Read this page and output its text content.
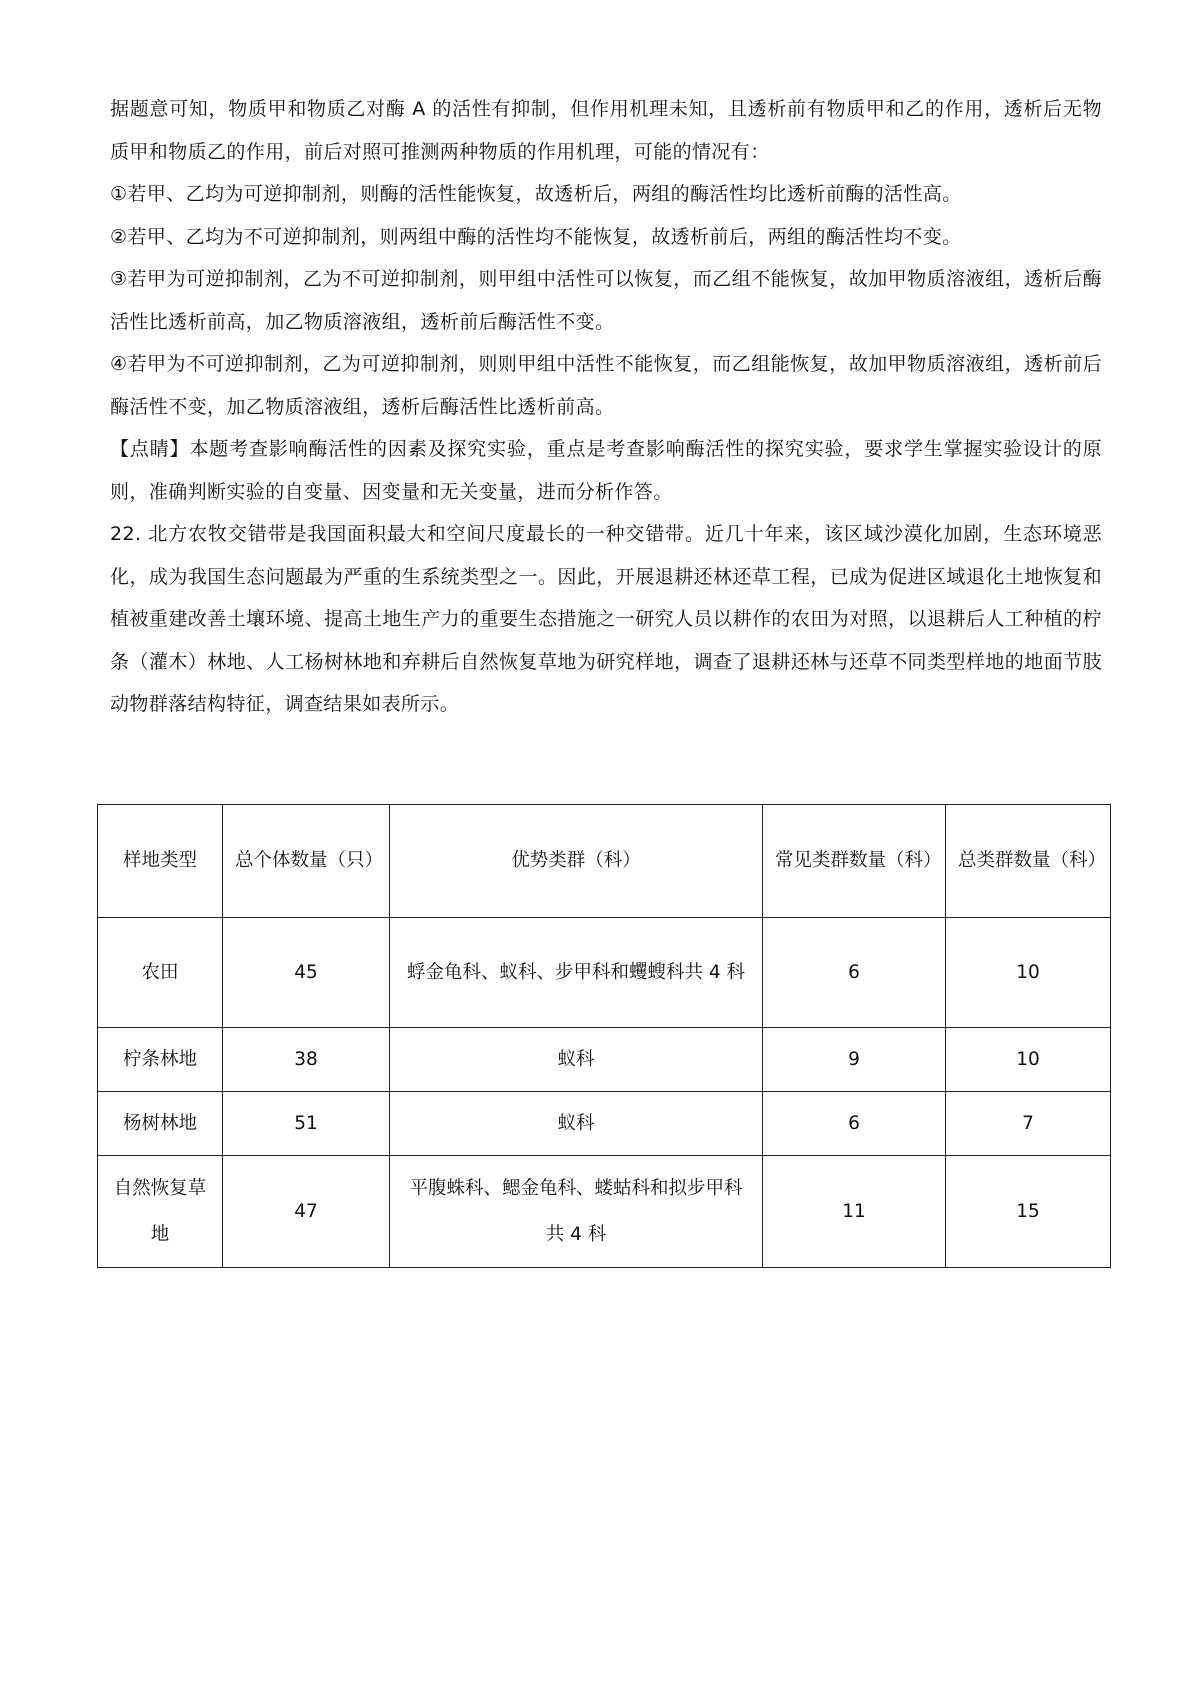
据题意可知，物质甲和物质乙对酶 A 的活性有抑制，但作用机理未知，且透析前有物质甲和乙的作用，透析后无物质甲和物质乙的作用，前后对照可推测两种物质的作用机理，可能的情况有：

①若甲、乙均为可逆抑制剂，则酶的活性能恢复，故透析后，两组的酶活性均比透析前酶的活性高。

②若甲、乙均为不可逆抑制剂，则两组中酶的活性均不能恢复，故透析前后，两组的酶活性均不变。

③若甲为可逆抑制剂，乙为不可逆抑制剂，则甲组中活性可以恢复，而乙组不能恢复，故加甲物质溶液组，透析后酶活性比透析前高，加乙物质溶液组，透析前后酶活性不变。

④若甲为不可逆抑制剂，乙为可逆抑制剂，则则甲组中活性不能恢复，而乙组能恢复，故加甲物质溶液组，透析前后酶活性不变，加乙物质溶液组，透析后酶活性比透析前高。

【点睛】本题考查影响酶活性的因素及探究实验，重点是考查影响酶活性的探究实验，要求学生掌握实验设计的原则，准确判断实验的自变量、因变量和无关变量，进而分析作答。

22. 北方农牧交错带是我国面积最大和空间尺度最长的一种交错带。近几十年来，该区域沙漠化加剧，生态环境恶化，成为我国生态问题最为严重的生系统类型之一。因此，开展退耕还林还草工程，已成为促进区域退化土地恢复和植被重建改善土壤环境、提高土地生产力的重要生态措施之一研究人员以耕作的农田为对照，以退耕后人工种植的柠条（灌木）林地、人工杨树林地和弃耕后自然恢复草地为研究样地，调查了退耕还林与还草不同类型样地的地面节肢动物群落结构特征，调查结果如表所示。

样地类型	总个体数量（只）	优势类群（科）	常见类群数量（科）	总类群数量（科）
农田	45	蜉金龟科、蚁科、步甲科和蠼螋科共 4 科	6	10
柠条林地	38	蚁科	9	10
杨树林地	51	蚁科	6	7
自然恢复草地	47	平腹蛛科、鳃金龟科、蝼蛄科和拟步甲科共 4 科	11	15
